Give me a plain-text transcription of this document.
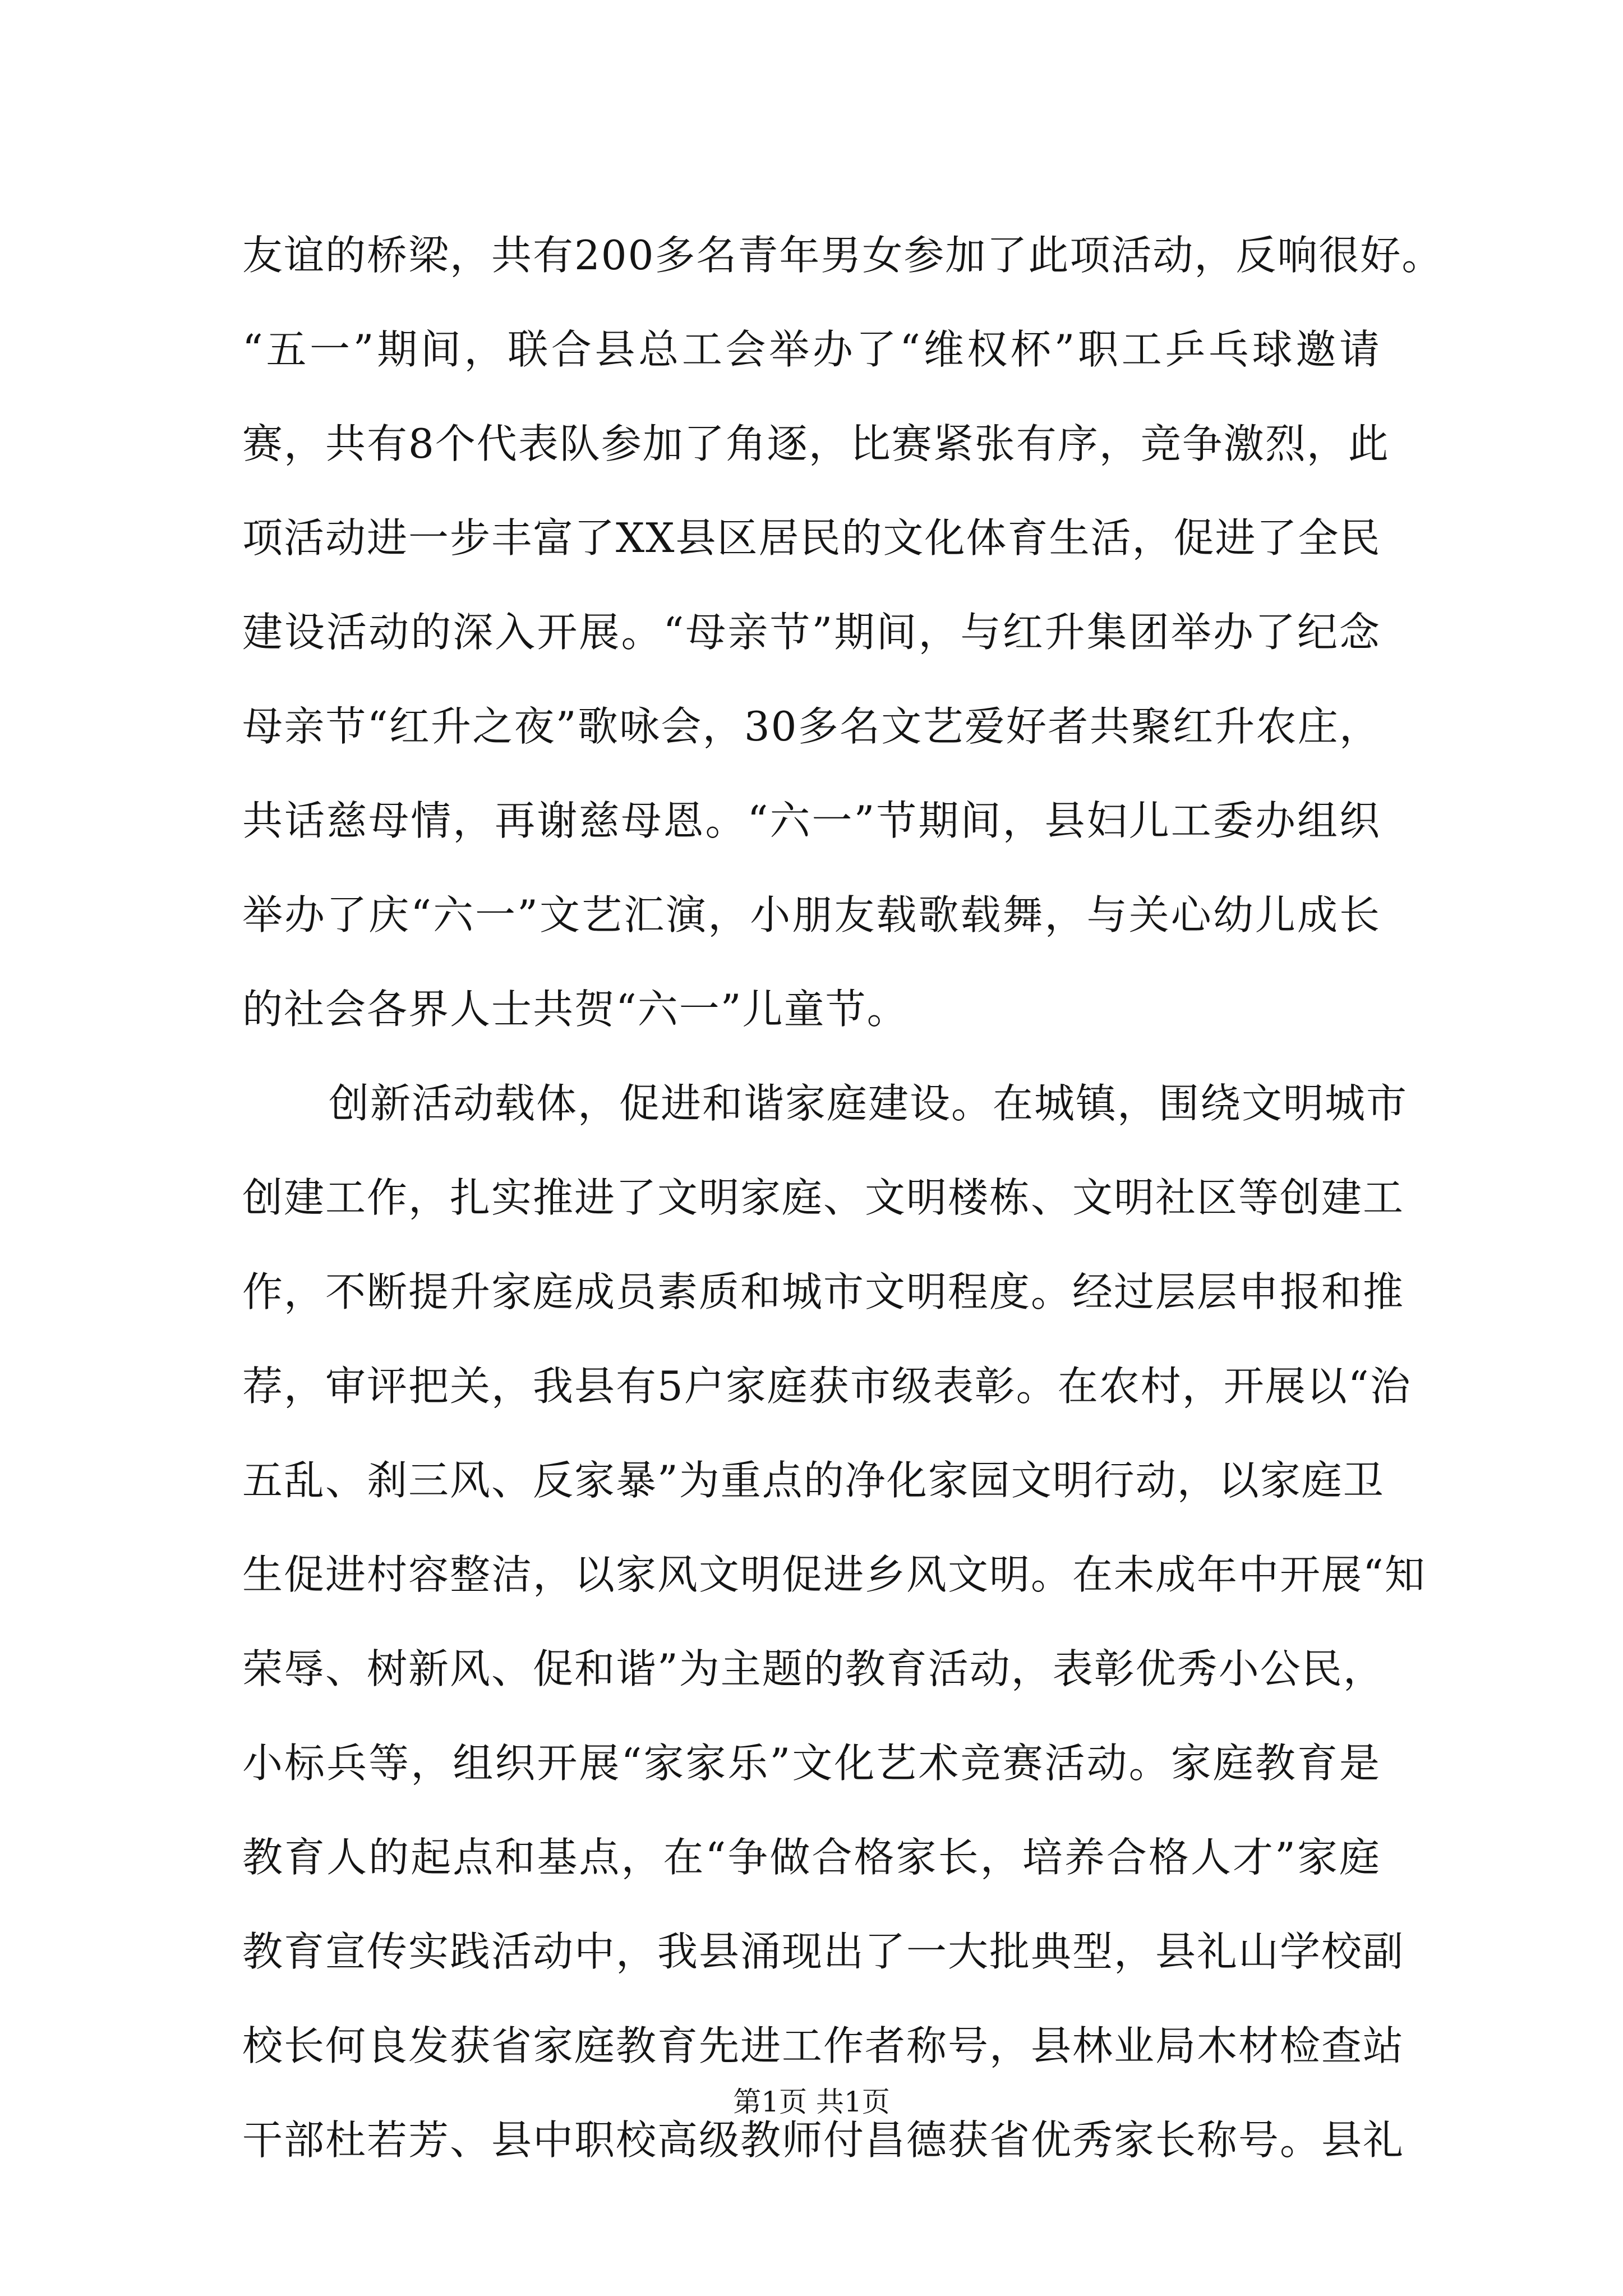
友谊的桥梁，共有200多名青年男女参加了此项活动，反响很好。
“五一”期间，联合县总工会举办了“维权杯”职工乒乓球邀请
赛，共有8个代表队参加了角逐，比赛紧张有序，竞争激烈，此
项活动进一步丰富了XX县区居民的文化体育生活，促进了全民
建设活动的深入开展。“母亲节”期间，与红升集团举办了纪念
母亲节“红升之夜”歌咏会，30多名文艺爱好者共聚红升农庄，
共话慈母情，再谢慈母恩。“六一”节期间，县妇儿工委办组织
举办了庆“六一”文艺汇演，小朋友载歌载舞，与关心幼儿成长
的社会各界人士共贺“六一”儿童节。

创新活动载体，促进和谐家庭建设。在城镇，围绕文明城市
创建工作，扎实推进了文明家庭、文明楼栋、文明社区等创建工
作，不断提升家庭成员素质和城市文明程度。经过层层申报和推
荐，审评把关，我县有5户家庭获市级表彰。在农村，开展以“治
五乱、刹三风、反家暴”为重点的净化家园文明行动，以家庭卫
生促进村容整洁，以家风文明促进乡风文明。在未成年中开展“知
荣辱、树新风、促和谐”为主题的教育活动，表彰优秀小公民，
小标兵等，组织开展“家家乐”文化艺术竞赛活动。家庭教育是
教育人的起点和基点，在“争做合格家长，培养合格人才”家庭
教育宣传实践活动中，我县涌现出了一大批典型，县礼山学校副
校长何良发获省家庭教育先进工作者称号，县林业局木材检查站
干部杜若芳、县中职校高级教师付昌德获省优秀家长称号。县礼

第1页 共1页
